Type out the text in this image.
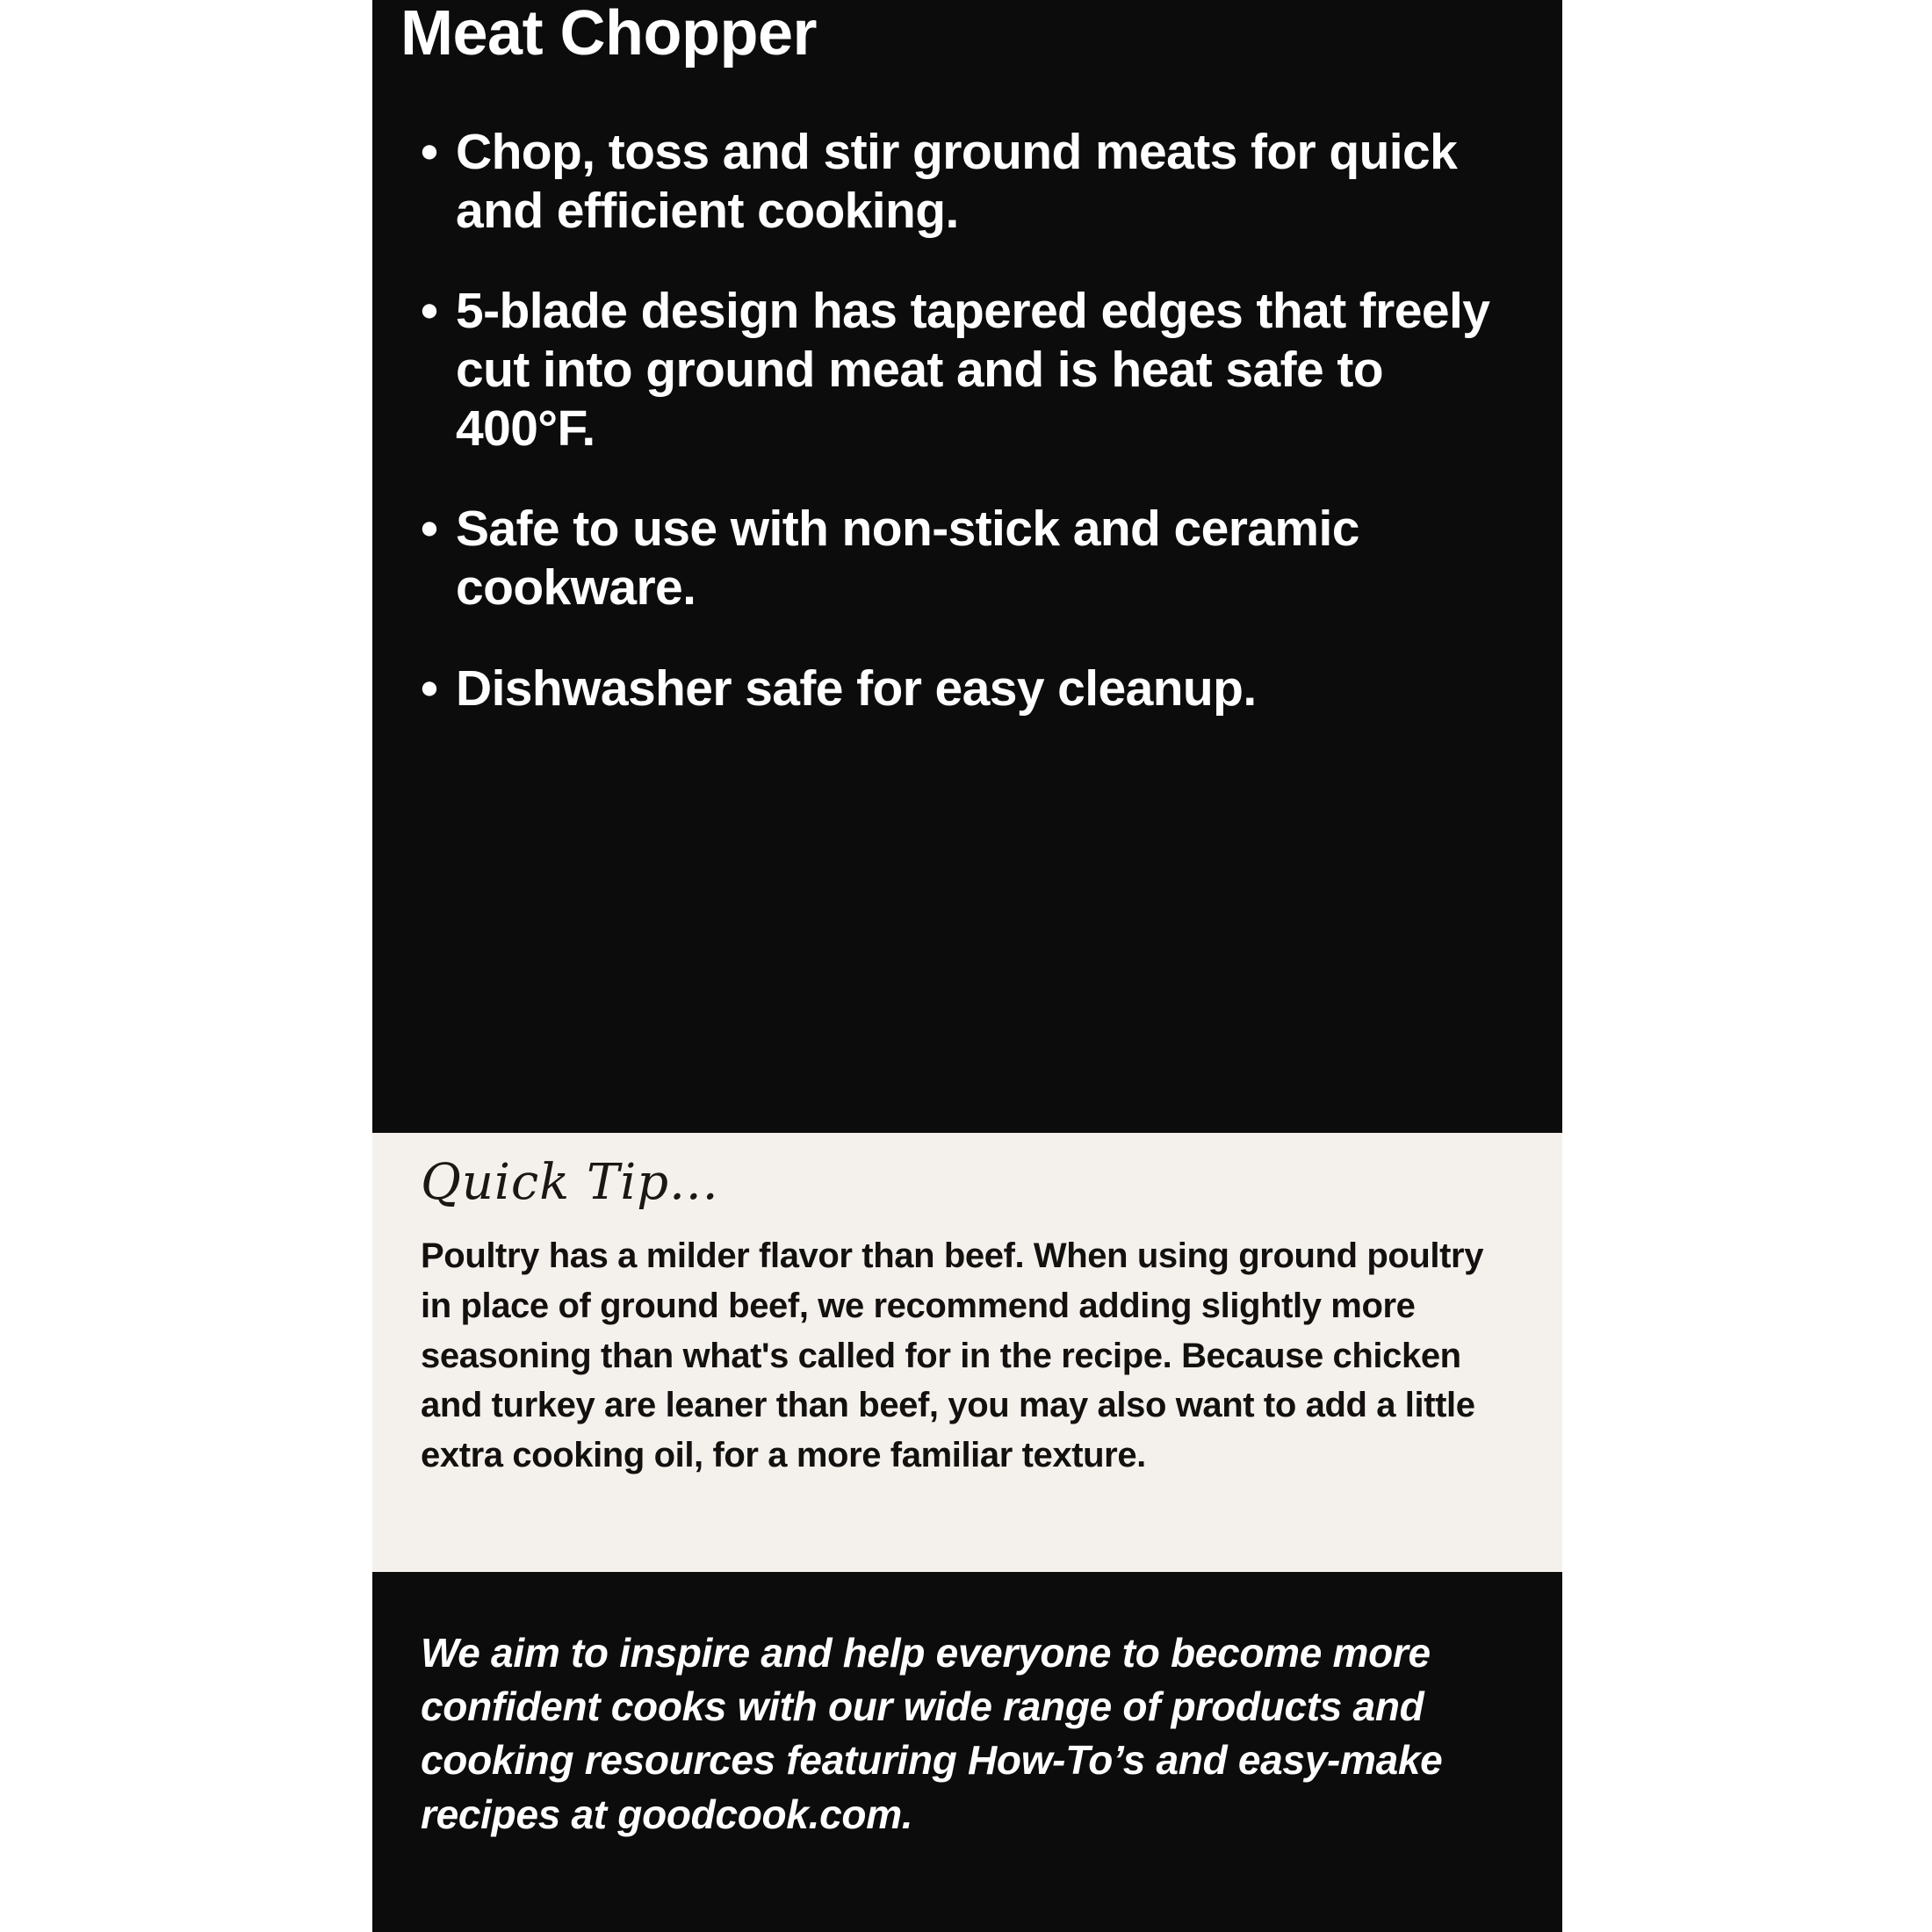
Meat Chopper
• Chop, toss and stir ground meats for quick and efficient cooking.
• 5-blade design has tapered edges that freely cut into ground meat and is heat safe to 400°F.
• Safe to use with non-stick and ceramic cookware.
• Dishwasher safe for easy cleanup.
Quick Tip...

Poultry has a milder flavor than beef. When using ground poultry in place of ground beef, we recommend adding slightly more seasoning than what's called for in the recipe. Because chicken and turkey are leaner than beef, you may also want to add a little extra cooking oil, for a more familiar texture.

We aim to inspire and help everyone to become more confident cooks with our wide range of products and cooking resources featuring How-To’s and easy-make recipes at goodcook.com.
